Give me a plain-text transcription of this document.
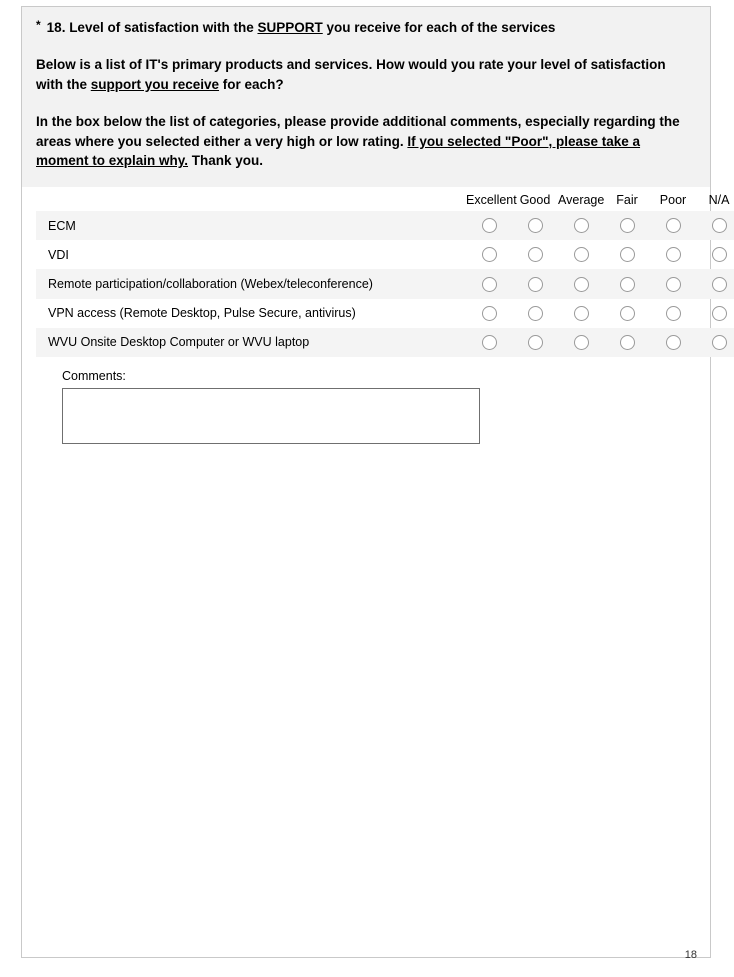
* 18. Level of satisfaction with the SUPPORT you receive for each of the services
Below is a list of IT's primary products and services. How would you rate your level of satisfaction with the support you receive for each?
In the box below the list of categories, please provide additional comments, especially regarding the areas where you selected either a very high or low rating. If you selected "Poor", please take a moment to explain why. Thank you.
	Excellent	Good	Average	Fair	Poor	N/A
ECM						
VDI						
Remote participation/collaboration (Webex/teleconference)						
VPN access (Remote Desktop, Pulse Secure, antivirus)						
WVU Onsite Desktop Computer or WVU laptop						
Comments:
18
